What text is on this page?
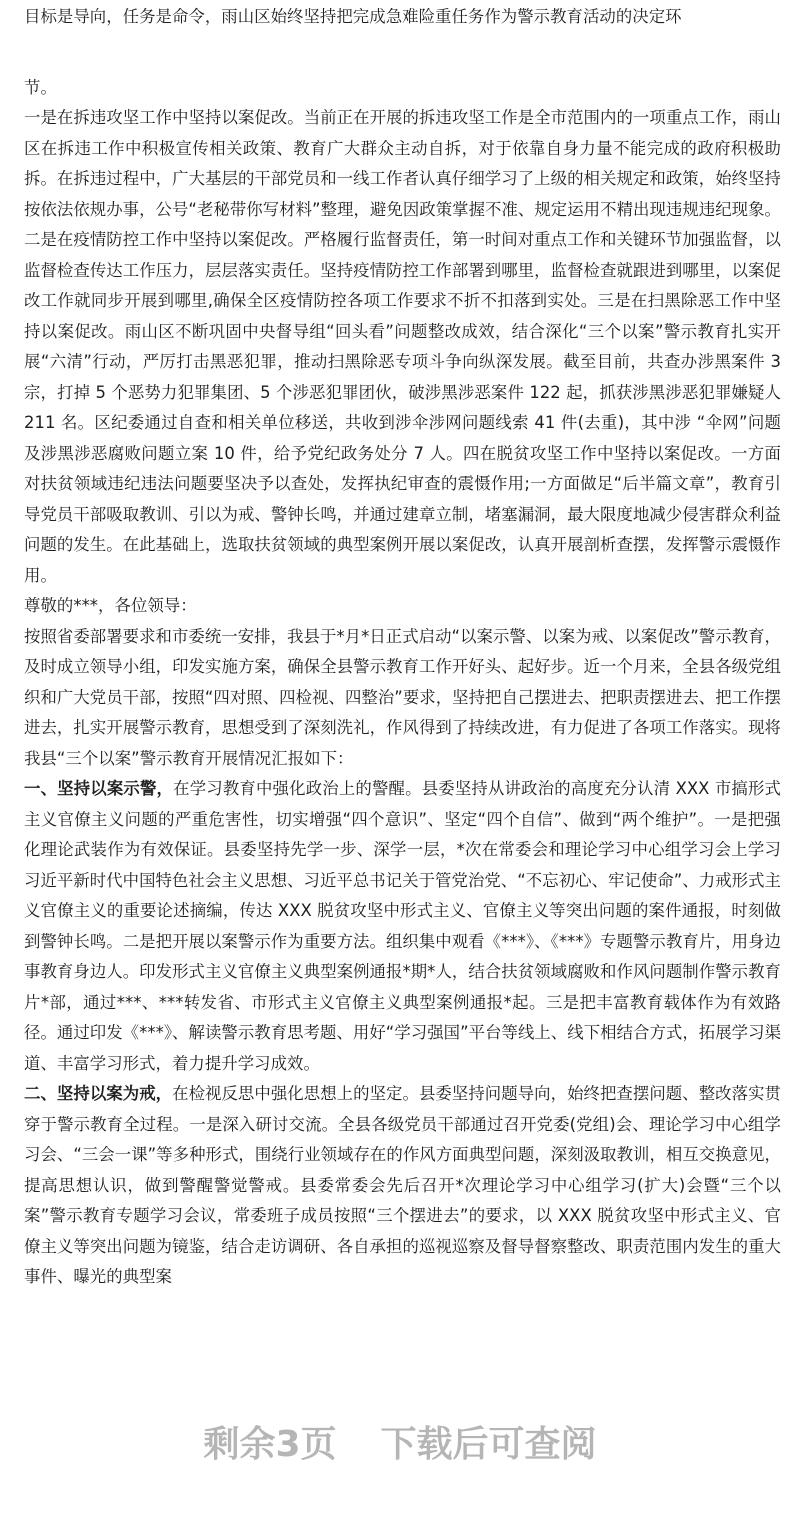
目标是导向，任务是命令，雨山区始终坚持把完成急难险重任务作为警示教育活动的决定环

节。

一是在拆违攻坚工作中坚持以案促改。当前正在开展的拆违攻坚工作是全市范围内的一项重点工作，雨山区在拆违工作中积极宣传相关政策、教育广大群众主动自拆，对于依靠自身力量不能完成的政府积极助拆。在拆违过程中，广大基层的干部党员和一线工作者认真仔细学习了上级的相关规定和政策，始终坚持按依法依规办事，公号“老秘带你写材料”整理，避免因政策掌握不准、规定运用不精出现违规违纪现象。二是在疫情防控工作中坚持以案促改。严格履行监督责任，第一时间对重点工作和关键环节加强监督，以监督检查传达工作压力，层层落实责任。坚持疫情防控工作部署到哪里，监督检查就跟进到哪里，以案促改工作就同步开展到哪里,确保全区疫情防控各项工作要求不折不扣落到实处。三是在扫黑除恶工作中坚持以案促改。雨山区不断巩固中央督导组“回头看”问题整改成效，结合深化“三个以案”警示教育扎实开展“六清”行动，严厉打击黑恶犯罪，推动扫黑除恶专项斗争向纵深发展。截至目前，共查办涉黑案件 3 宗，打掉 5 个恶势力犯罪集团、5 个涉恶犯罪团伙，破涉黑涉恶案件 122 起，抓获涉黑涉恶犯罪嫌疑人 211 名。区纪委通过自查和相关单位移送，共收到涉伞涉网问题线索 41 件(去重)，其中涉 “伞网”问题及涉黑涉恶腐败问题立案 10 件，给予党纪政务处分 7 人。四在脱贫攻坚工作中坚持以案促改。一方面对扶贫领域违纪违法问题要坚决予以查处，发挥执纪审查的震慑作用;一方面做足“后半篇文章”，教育引导党员干部吸取教训、引以为戒、警钟长鸣，并通过建章立制，堵塞漏洞，最大限度地减少侵害群众利益问题的发生。在此基础上，选取扶贫领域的典型案例开展以案促改，认真开展剖析查摆，发挥警示震慑作用。

尊敬的***，各位领导：

按照省委部署要求和市委统一安排，我县于*月*日正式启动“以案示警、以案为戒、以案促改”警示教育，及时成立领导小组，印发实施方案，确保全县警示教育工作开好头、起好步。近一个月来，全县各级党组织和广大党员干部，按照“四对照、四检视、四整治”要求，坚持把自己摆进去、把职责摆进去、把工作摆进去，扎实开展警示教育，思想受到了深刻洗礼，作风得到了持续改进，有力促进了各项工作落实。现将我县“三个以案”警示教育开展情况汇报如下：

一、坚持以案示警，在学习教育中强化政治上的警醒。县委坚持从讲政治的高度充分认清 XXX 市搞形式主义官僚主义问题的严重危害性，切实增强“四个意识”、坚定“四个自信”、做到“两个维护”。一是把强化理论武装作为有效保证。县委坚持先学一步、深学一层，*次在常委会和理论学习中心组学习会上学习习近平新时代中国特色社会主义思想、习近平总书记关于管党治党、“不忘初心、牢记使命”、力戒形式主义官僚主义的重要论述摘编，传达 XXX 脱贫攻坚中形式主义、官僚主义等突出问题的案件通报，时刻做到警钟长鸣。二是把开展以案警示作为重要方法。组织集中观看《***》、《***》专题警示教育片，用身边事教育身边人。印发形式主义官僚主义典型案例通报*期*人，结合扶贫领域腐败和作风问题制作警示教育片*部，通过***、***转发省、市形式主义官僚主义典型案例通报*起。三是把丰富教育载体作为有效路径。通过印发《***》、解读警示教育思考题、用好“学习强国”平台等线上、线下相结合方式，拓展学习渠道、丰富学习形式，着力提升学习成效。

二、坚持以案为戒，在检视反思中强化思想上的坚定。县委坚持问题导向，始终把查摆问题、整改落实贯穿于警示教育全过程。一是深入研讨交流。全县各级党员干部通过召开党委(党组)会、理论学习中心组学习会、“三会一课”等多种形式，围绕行业领域存在的作风方面典型问题，深刻汲取教训，相互交换意见，提高思想认识，做到警醒警觉警戒。县委常委会先后召开*次理论学习中心组学习(扩大)会暨“三个以案”警示教育专题学习会议，常委班子成员按照“三个摆进去”的要求，以 XXX 脱贫攻坚中形式主义、官僚主义等突出问题为镜鉴，结合走访调研、各自承担的巡视巡察及督导督察整改、职责范围内发生的重大事件、曝光的典型案

剩余3页 下载后可查阅
